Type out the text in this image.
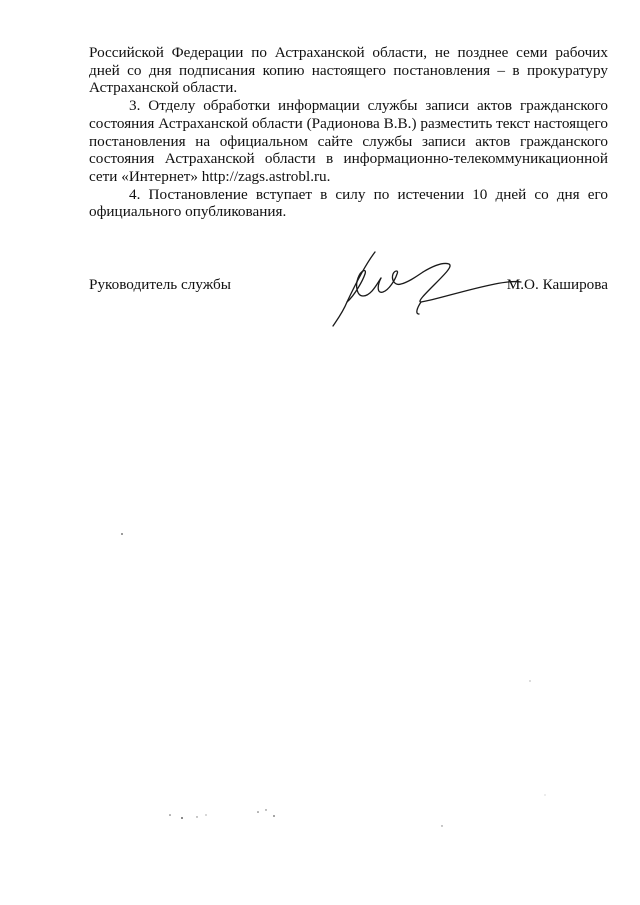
Российской Федерации по Астраханской области, не позднее семи рабочих дней со дня подписания копию настоящего постановления – в прокуратуру Астраханской области.

3. Отделу обработки информации службы записи актов гражданского состояния Астраханской области (Радионова В.В.) разместить текст настоящего постановления на официальном сайте службы записи актов гражданского состояния Астраханской области в информационно-телекоммуникационной сети «Интернет» http://zags.astrobl.ru.

4. Постановление вступает в силу по истечении 10 дней со дня его официального опубликования.

Руководитель службы	М.О. Каширова
